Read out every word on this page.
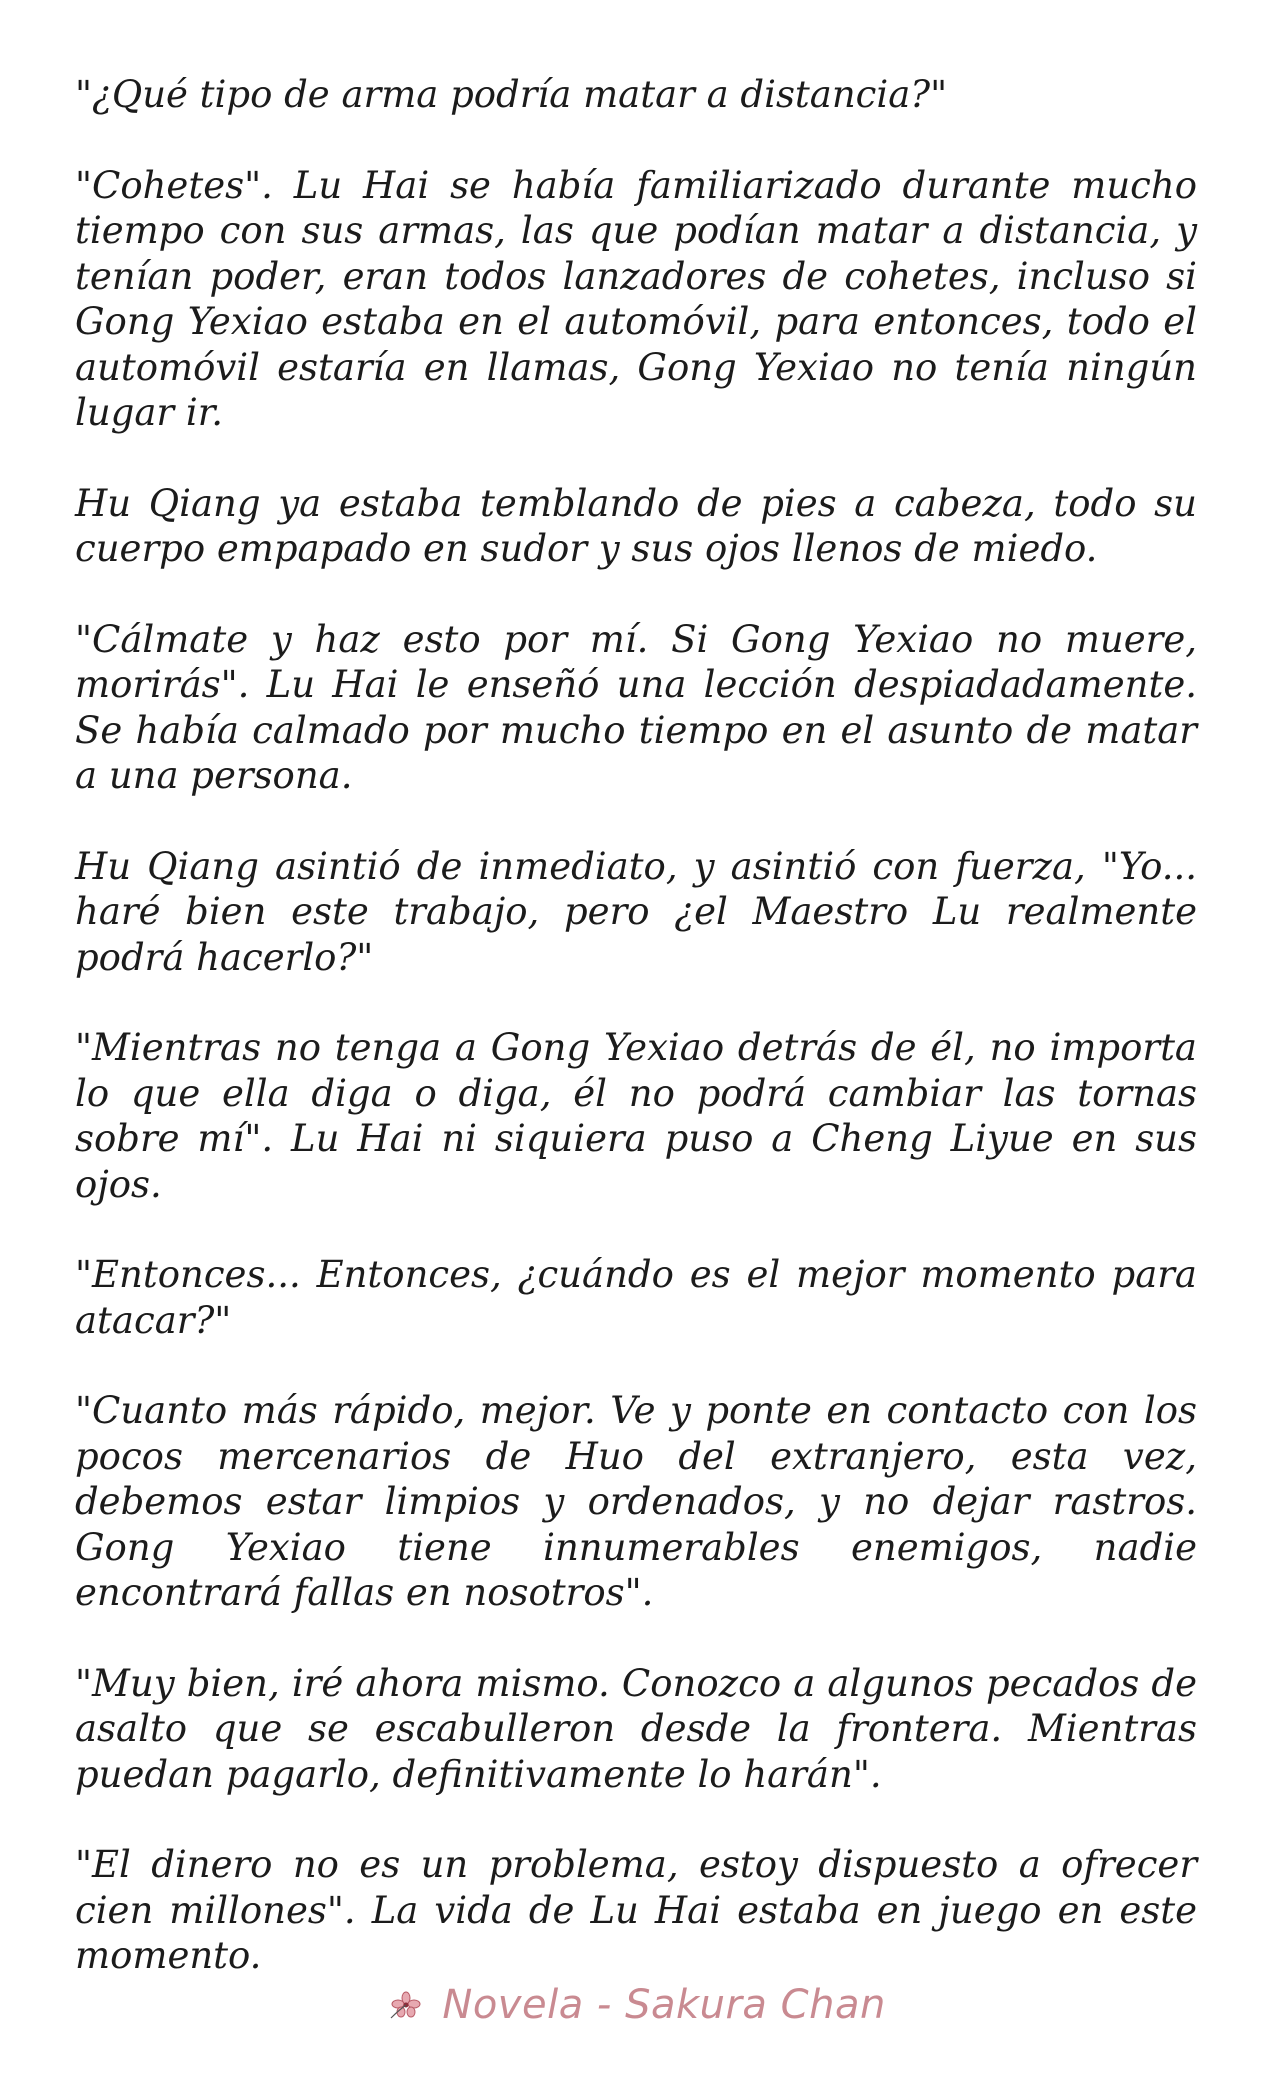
"¿Qué tipo de arma podría matar a distancia?"

"Cohetes". Lu Hai se había familiarizado durante mucho tiempo con sus armas, las que podían matar a distancia, y tenían poder, eran todos lanzadores de cohetes, incluso si Gong Yexiao estaba en el automóvil, para entonces, todo el automóvil estaría en llamas, Gong Yexiao no tenía ningún lugar ir.

Hu Qiang ya estaba temblando de pies a cabeza, todo su cuerpo empapado en sudor y sus ojos llenos de miedo.

"Cálmate y haz esto por mí. Si Gong Yexiao no muere, morirás". Lu Hai le enseñó una lección despiadadamente. Se había calmado por mucho tiempo en el asunto de matar a una persona.

Hu Qiang asintió de inmediato, y asintió con fuerza, "Yo... haré bien este trabajo, pero ¿el Maestro Lu realmente podrá hacerlo?"

"Mientras no tenga a Gong Yexiao detrás de él, no importa lo que ella diga o diga, él no podrá cambiar las tornas sobre mí". Lu Hai ni siquiera puso a Cheng Liyue en sus ojos.

"Entonces... Entonces, ¿cuándo es el mejor momento para atacar?"

"Cuanto más rápido, mejor. Ve y ponte en contacto con los pocos mercenarios de Huo del extranjero, esta vez, debemos estar limpios y ordenados, y no dejar rastros. Gong Yexiao tiene innumerables enemigos, nadie encontrará fallas en nosotros".

"Muy bien, iré ahora mismo. Conozco a algunos pecados de asalto que se escabulleron desde la frontera. Mientras puedan pagarlo, definitivamente lo harán".

"El dinero no es un problema, estoy dispuesto a ofrecer cien millones". La vida de Lu Hai estaba en juego en este momento.

Novela - Sakura Chan
